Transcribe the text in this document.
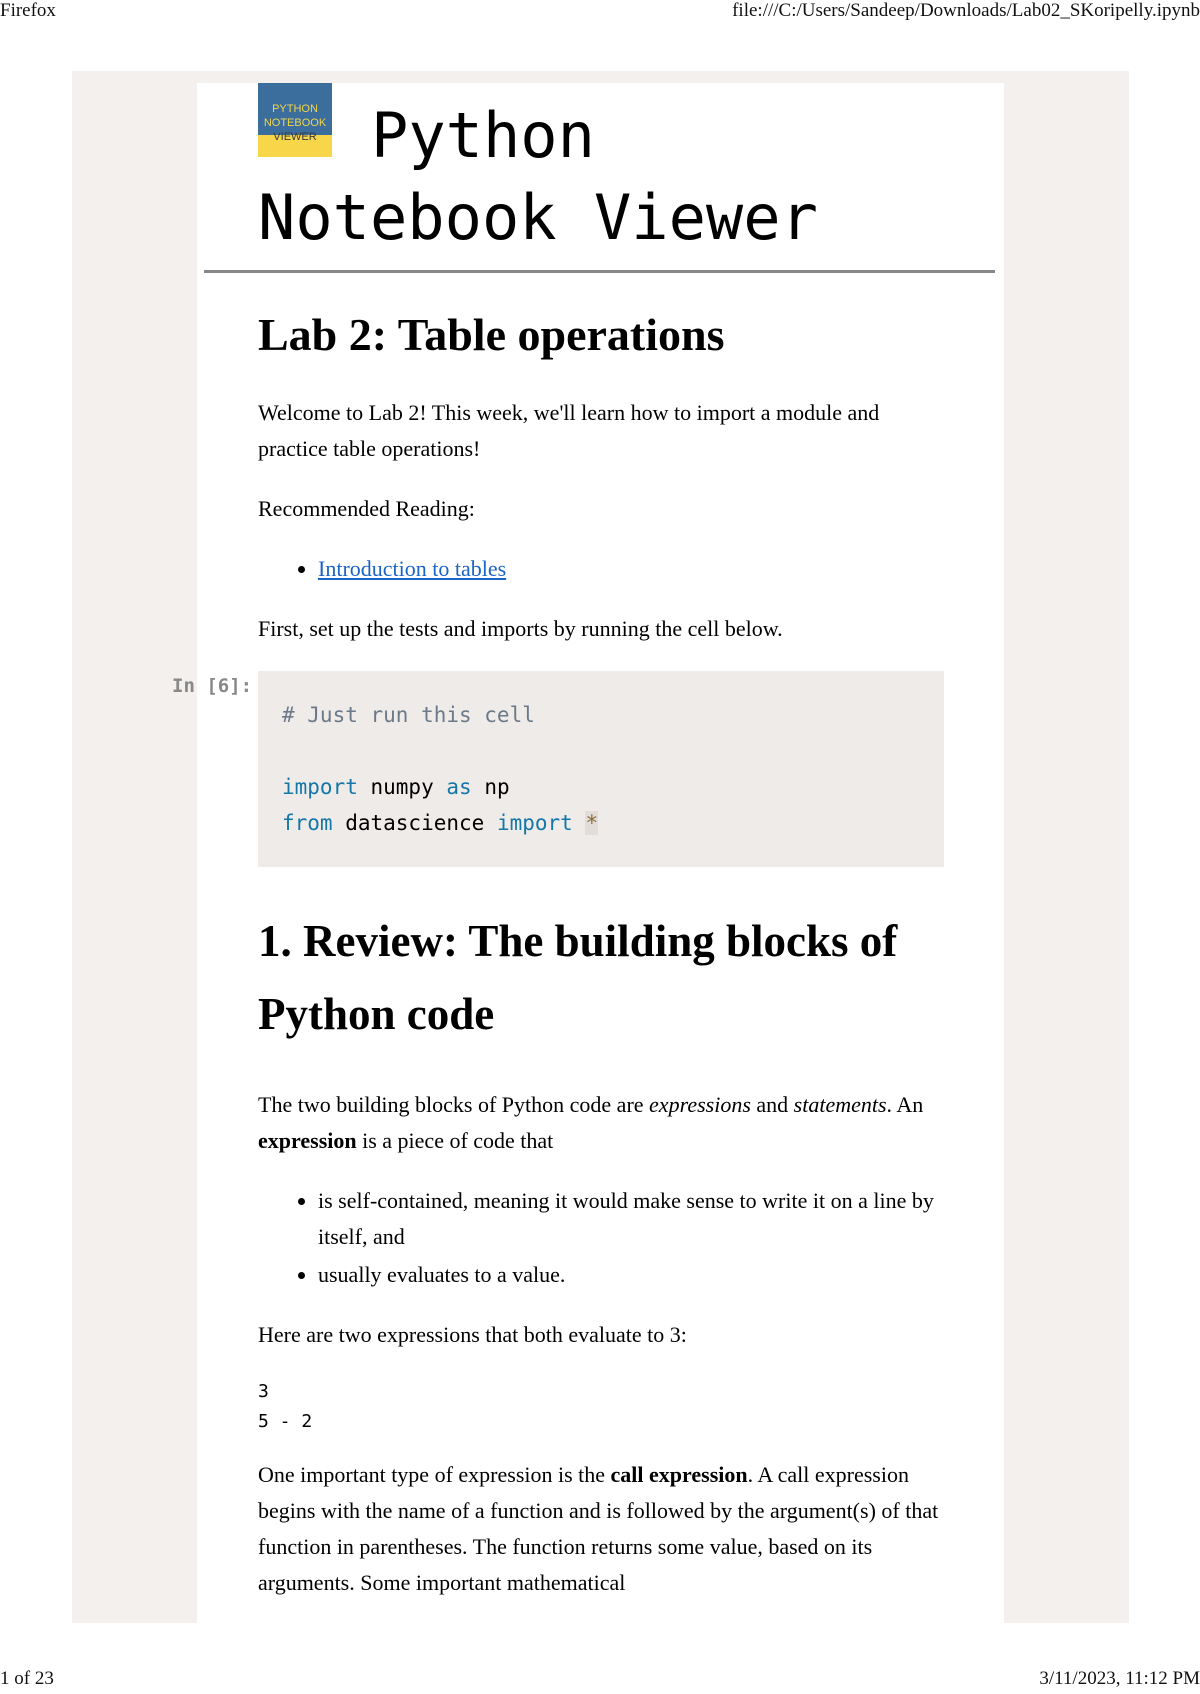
Firefox	file:///C:/Users/Sandeep/Downloads/Lab02_SKoripelly.ipynb
PYTHON
NOTEBOOK
VIEWER Python
Notebook Viewer
Lab 2: Table operations

Welcome to Lab 2! This week, we'll learn how to import a module and practice table operations!

Recommended Reading:

• Introduction to tables

First, set up the tests and imports by running the cell below.

In [6]:
# Just run this cell
import numpy as np
from datascience import *
1. Review: The building blocks of Python code

The two building blocks of Python code are expressions and statements. An expression is a piece of code that

• is self-contained, meaning it would make sense to write it on a line by itself, and
• usually evaluates to a value.

Here are two expressions that both evaluate to 3:

3
5 - 2

One important type of expression is the call expression. A call expression begins with the name of a function and is followed by the argument(s) of that function in parentheses. The function returns some value, based on its arguments. Some important mathematical

1 of 23	3/11/2023, 11:12 PM
